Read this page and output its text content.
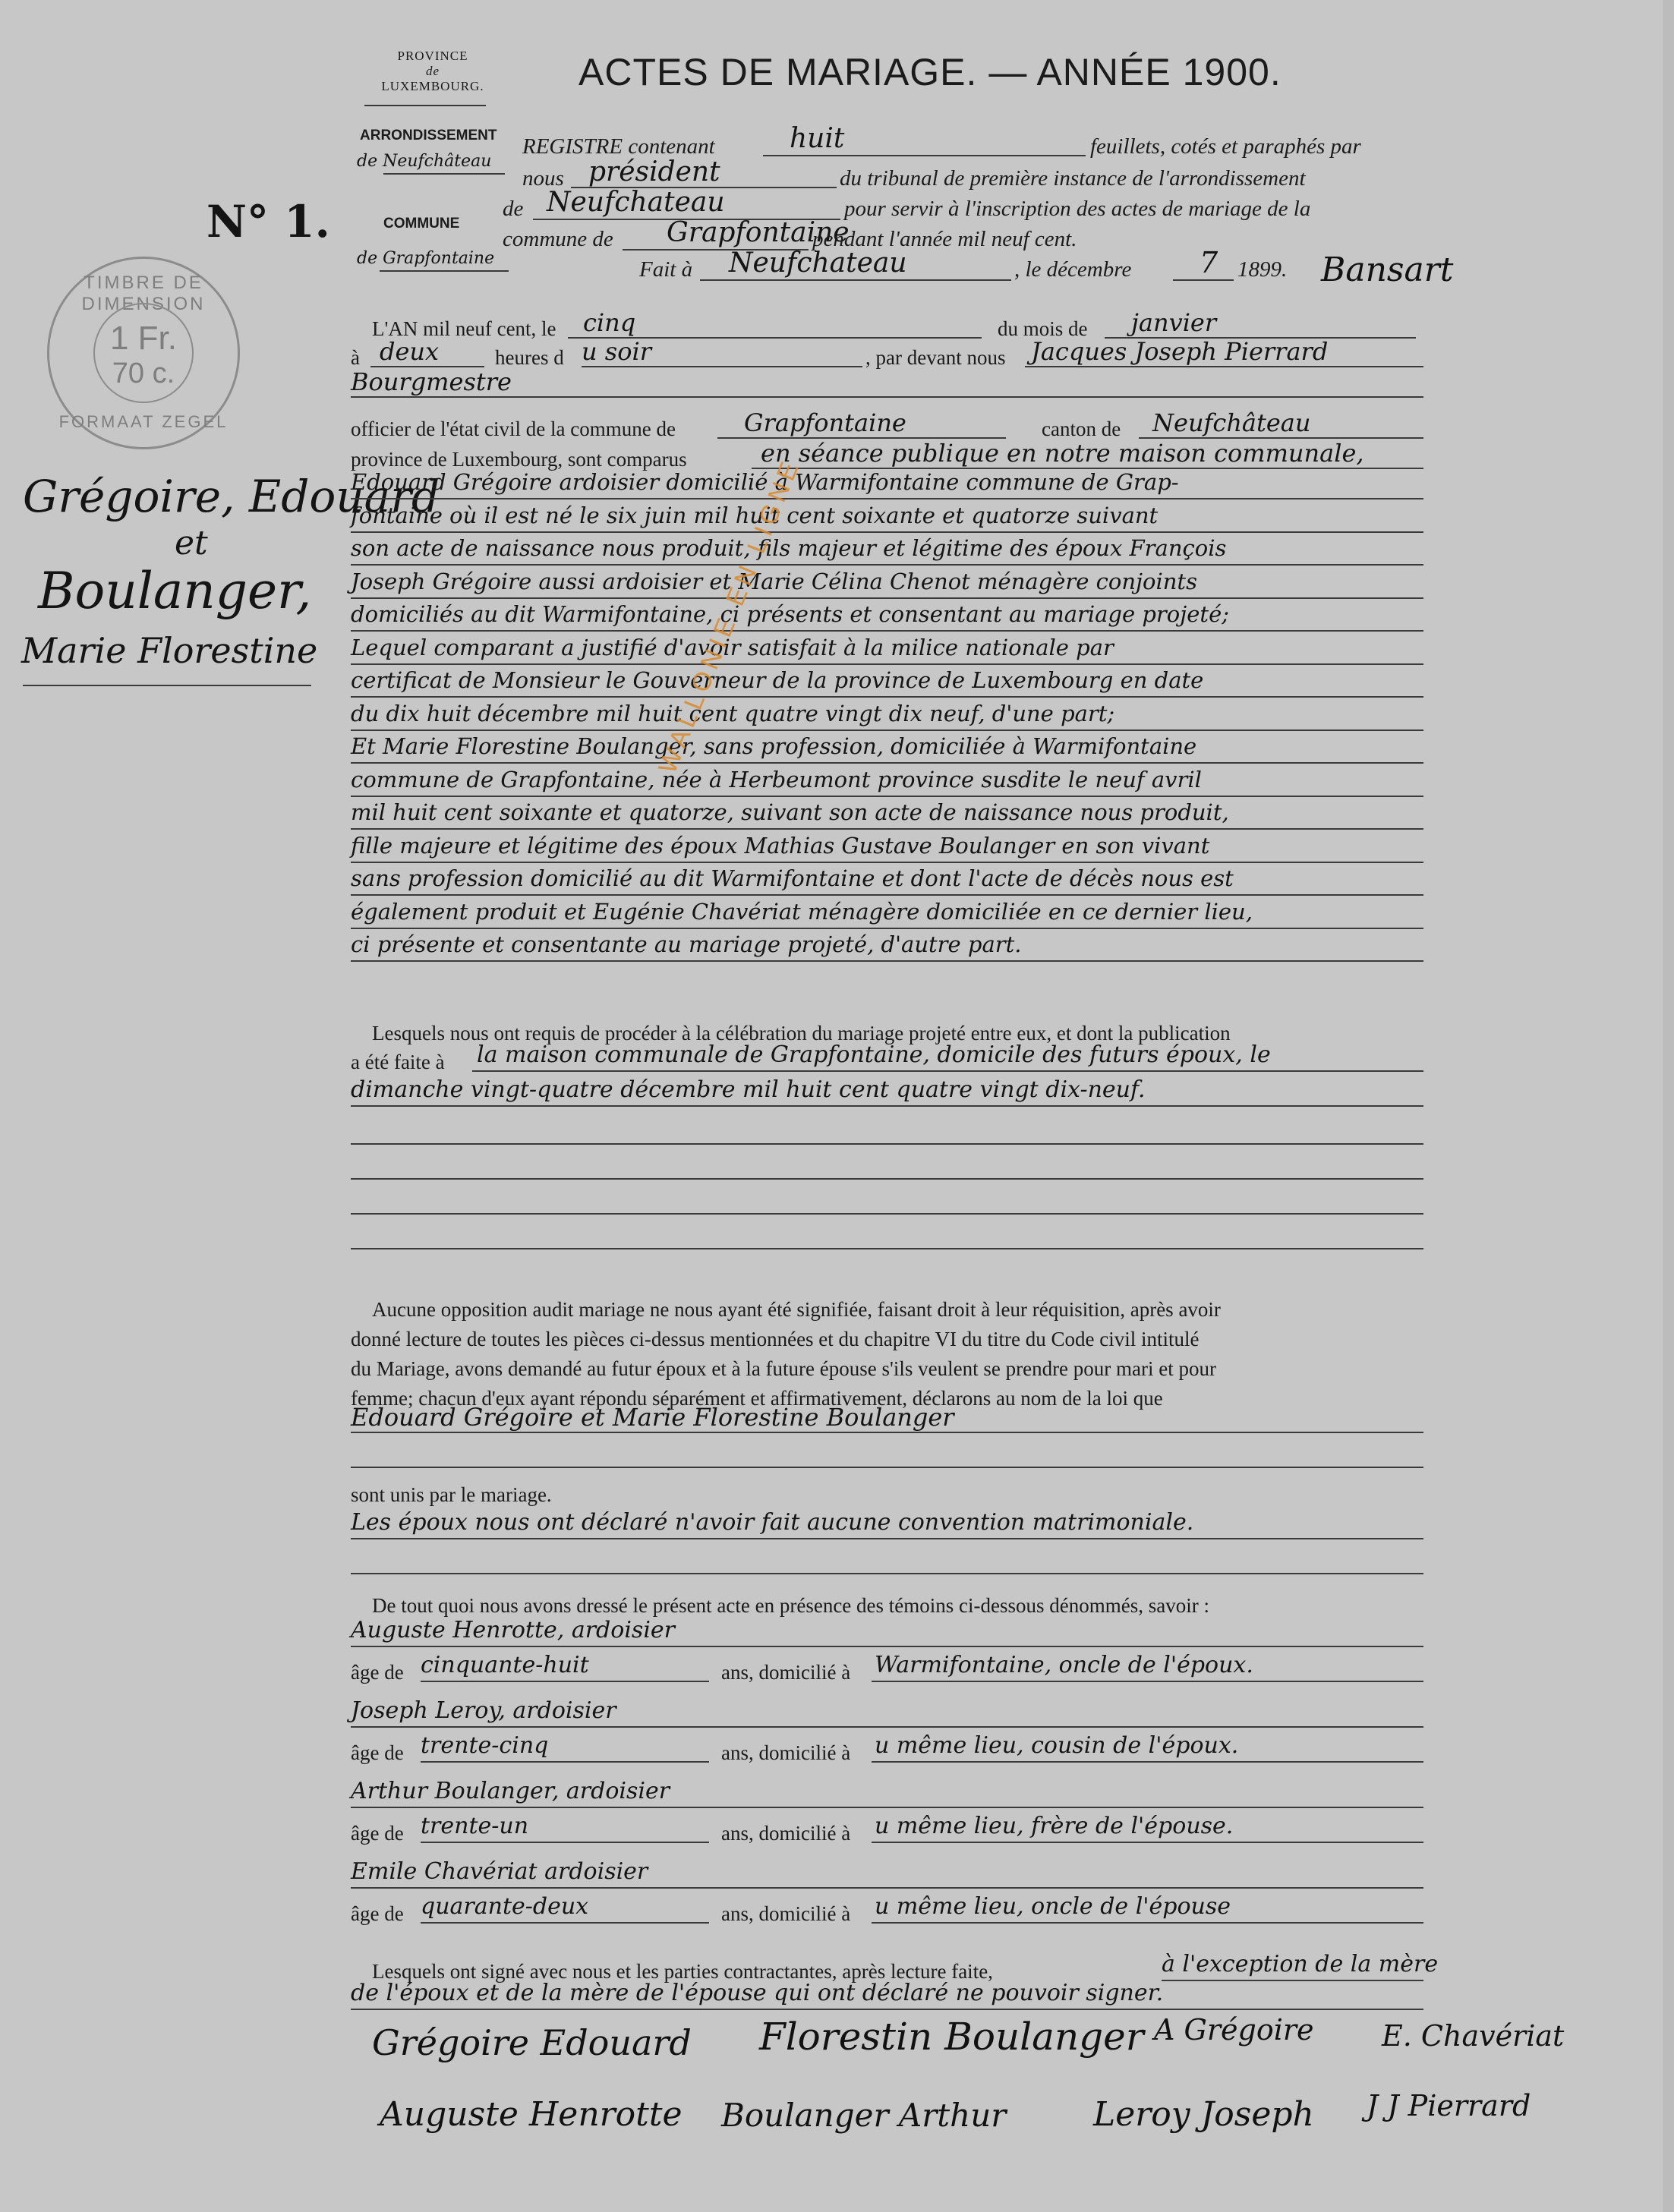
PROVINCE
de
LUXEMBOURG.	ACTES DE MARIAGE. — ANNÉE 1900.
ARRONDISSEMENT
de Neufchâteau
COMMUNE
de Grapfontaine
REGISTRE contenant	huit	feuillets, cotés et paraphés par
nous président	du tribunal de première instance de l'arrondissement
de Neufchateau	pour servir à l'inscription des actes de mariage de la
commune de Grapfontaine
pendant l'année mil neuf cent.
Fait à Neufchateau	, le décembre 7 1899. Bansart
N° 1.
TIMBRE DE DIMENSION
1 Fr.
70 c.
FORMAAT ZEGEL
Grégoire, Edouard
et
Boulanger,
Marie Florestine
L'AN mil neuf cent, le cinq	du mois de janvier
à deux	heures d u soir	, par devant nous Jacques Joseph Pierrard
Bourgmestre
officier de l'état civil de la commune de	Grapfontaine	canton de Neufchâteau
province de Luxembourg, sont comparus	en séance publique en notre maison communale,
Edouard Grégoire ardoisier domicilié à Warmifontaine commune de Grap-
fontaine où il est né le six juin mil huit cent soixante et quatorze suivant
son acte de naissance nous produit, fils majeur et légitime des époux François
Joseph Grégoire aussi ardoisier et Marie Célina Chenot ménagère conjoints
domiciliés au dit Warmifontaine, ci présents et consentant au mariage projeté;
Lequel comparant a justifié d'avoir satisfait à la milice nationale par
certificat de Monsieur le Gouverneur de la province de Luxembourg en date
du dix huit décembre mil huit cent quatre vingt dix neuf, d'une part;
Et Marie Florestine Boulanger, sans profession, domiciliée à Warmifontaine
commune de Grapfontaine, née à Herbeumont province susdite le neuf avril
mil huit cent soixante et quatorze, suivant son acte de naissance nous produit,
fille majeure et légitime des époux Mathias Gustave Boulanger en son vivant
sans profession domicilié au dit Warmifontaine et dont l'acte de décès nous est
également produit et Eugénie Chavériat ménagère domiciliée en ce dernier lieu,
ci présente et consentante au mariage projeté, d'autre part.
Lesquels nous ont requis de procéder à la célébration du mariage projeté entre eux, et dont la publication
a été faite à la maison communale de Grapfontaine, domicile des futurs époux, le
dimanche vingt-quatre décembre mil huit cent quatre vingt dix-neuf.
Aucune opposition audit mariage ne nous ayant été signifiée, faisant droit à leur réquisition, après avoir
donné lecture de toutes les pièces ci-dessus mentionnées et du chapitre VI du titre du Code civil intitulé
du Mariage, avons demandé au futur époux et à la future épouse s'ils veulent se prendre pour mari et pour
femme; chacun d'eux ayant répondu séparément et affirmativement, déclarons au nom de la loi que
Edouard Grégoire et Marie Florestine Boulanger
sont unis par le mariage.
Les époux nous ont déclaré n'avoir fait aucune convention matrimoniale.
De tout quoi nous avons dressé le présent acte en présence des témoins ci-dessous dénommés, savoir :
Auguste Henrotte, ardoisier
âge de cinquante-huit	ans, domicilié à Warmifontaine, oncle de l'époux.
Joseph Leroy, ardoisier
âge de trente-cinq	ans, domicilié à u même lieu, cousin de l'époux.
Arthur Boulanger, ardoisier
âge de trente-un	ans, domicilié à u même lieu, frère de l'épouse.
Emile Chavériat ardoisier
âge de quarante-deux	ans, domicilié à u même lieu, oncle de l'épouse
Lesquels ont signé avec nous et les parties contractantes, après lecture faite,	à l'exception de la mère
de l'époux et de la mère de l'épouse qui ont déclaré ne pouvoir signer.
Grégoire Edouard Florestin Boulanger A Grégoire E. Chavériat
Auguste Henrotte Boulanger Arthur	Leroy Joseph J J Pierrard
WALLONIE EN LIGNE
